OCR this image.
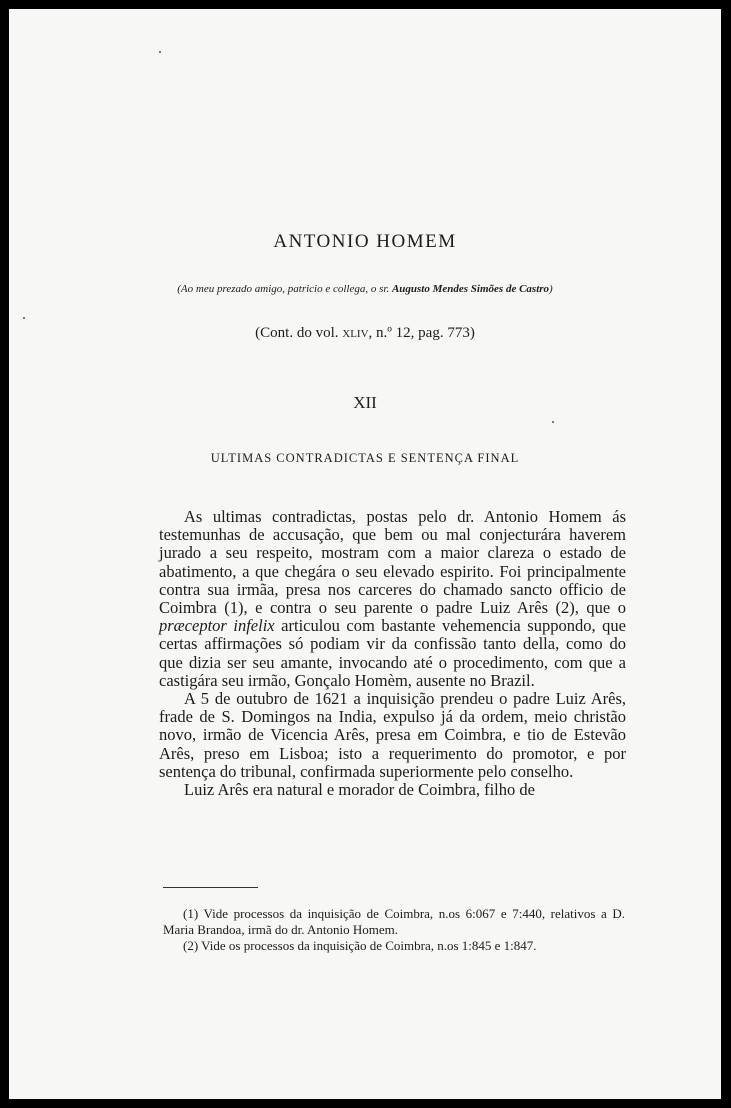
ANTONIO HOMEM
(Ao meu prezado amigo, patricio e collega, o sr. Augusto Mendes Simões de Castro)
(Cont. do vol. xliv, n.º 12, pag. 773)
XII
ULTIMAS CONTRADICTAS E SENTENÇA FINAL

As ultimas contradictas, postas pelo dr. Antonio Homem ás testemunhas de accusação, que bem ou mal conjecturára haverem jurado a seu respeito, mostram com a maior clareza o estado de abatimento, a que chegára o seu elevado espirito. Foi principalmente contra sua irmãa, presa nos carceres do chamado sancto officio de Coimbra (1), e contra o seu parente o padre Luiz Arês (2), que o præceptor infelix articulou com bastante vehemencia suppondo, que certas affirmações só podiam vir da confissão tanto della, como do que dizia ser seu amante, invocando até o procedimento, com que a castigára seu irmão, Gonçalo Homèm, ausente no Brazil.

A 5 de outubro de 1621 a inquisição prendeu o padre Luiz Arês, frade de S. Domingos na India, expulso já da ordem, meio christão novo, irmão de Vicencia Arês, presa em Coimbra, e tio de Estevão Arês, preso em Lisboa; isto a requerimento do promotor, e por sentença do tribunal, confirmada superiormente pelo conselho.

Luiz Arês era natural e morador de Coimbra, filho de

(1) Vide processos da inquisição de Coimbra, n.os 6:067 e 7:440, relativos a D. Maria Brandoa, irmã do dr. Antonio Homem.

(2) Vide os processos da inquisição de Coimbra, n.os 1:845 e 1:847.
